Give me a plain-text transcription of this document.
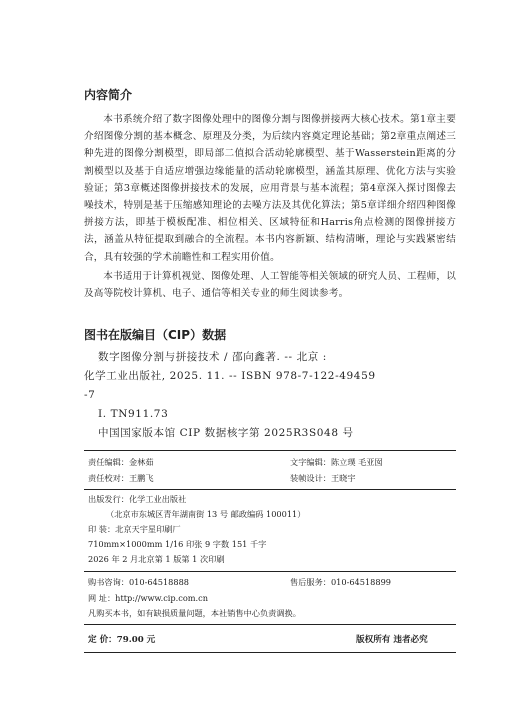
内容简介

本书系统介绍了数字图像处理中的图像分割与图像拼接两大核心技术。第1章主要介绍图像分割的基本概念、原理及分类，为后续内容奠定理论基础；第2章重点阐述三种先进的图像分割模型，即局部二值拟合活动轮廓模型、基于Wasserstein距离的分割模型以及基于自适应增强边缘能量的活动轮廓模型，涵盖其原理、优化方法与实验验证；第3章概述图像拼接技术的发展，应用背景与基本流程；第4章深入探讨图像去噪技术，特别是基于压缩感知理论的去噪方法及其优化算法；第5章详细介绍四种图像拼接方法，即基于模板配准、相位相关、区域特征和Harris角点检测的图像拼接方法，涵盖从特征提取到融合的全流程。本书内容新颖、结构清晰，理论与实践紧密结合，具有较强的学术前瞻性和工程实用价值。

本书适用于计算机视觉、图像处理、人工智能等相关领域的研究人员、工程师，以及高等院校计算机、电子、通信等相关专业的师生阅读参考。

图书在版编目（CIP）数据
数字图像分割与拼接技术 / 邵向鑫著. -- 北京 :
化学工业出版社, 2025. 11. -- ISBN 978-7-122-49459
-7
Ⅰ. TN911.73
中国国家版本馆 CIP 数据核字第 2025R3S048 号
责任编辑：金林茹	文字编辑：陈立璞 毛亚囡
责任校对：王鹏飞	装帧设计：王晓宇
出版发行：化学工业出版社
（北京市东城区青年湖南街 13 号 邮政编码 100011）
印 装：北京天宇星印刷厂
710mm×1000mm 1/16 印张 9 字数 151 千字
2026 年 2 月北京第 1 版第 1 次印刷
购书咨询：010-64518888	售后服务：010-64518899
网 址：http://www.cip.com.cn
凡购买本书，如有缺损质量问题，本社销售中心负责调换。
定 价：79.00 元	版权所有 违者必究
